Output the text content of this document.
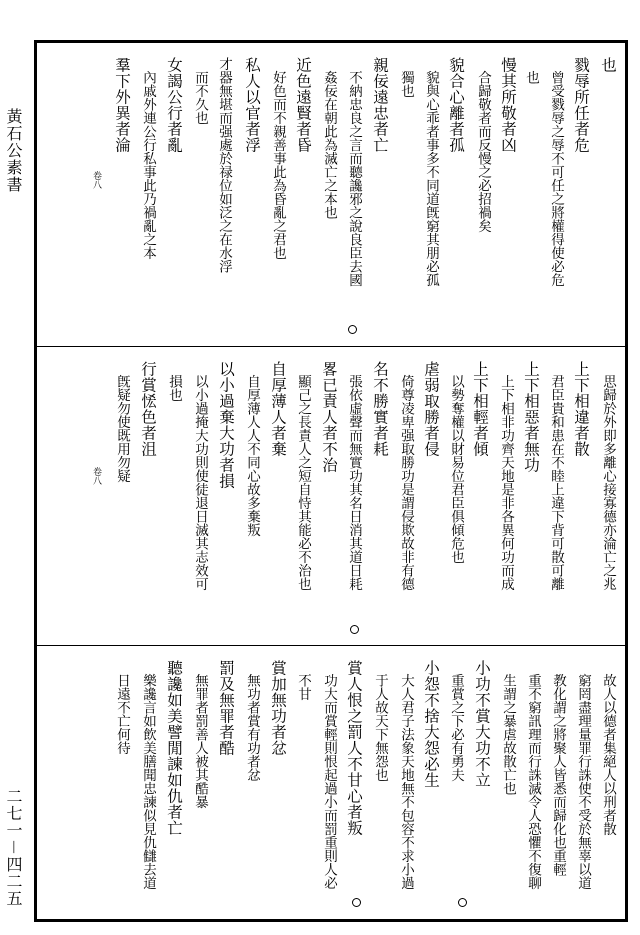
黃石公素書
二七一－四二五
也
戮辱所任者危
　曾受戮辱之辱不可任之將權得使必危
　也
慢其所敬者凶
　合歸敬者而反慢之必招禍矣
貌合心離者孤
　貌與心乖者事多不同道旣窮其朋必孤
　獨也
親佞遠忠者亡
　不納忠良之言而聽讒邪之說良臣去國
　姦佞在朝此為滅亡之本也
近色遠賢者昏
　好色而不親善事此為昏亂之君也
私人以官者浮
才器無堪而强處於禄位如泛之在水浮
　而不久也
女謁公行者亂
　內戚外連公行私事此乃禍亂之本
羣下外異者淪
卷八
　思歸於外即多離心接寡德亦淪亡之兆
上下相違者散
　君臣貴和患在不睦上違下背可散可離
上下相惡者無功
　上下相非功齊天地是非各異何功而成
上下相輕者傾
　以勢奪權以財易位君臣俱傾危也
虐弱取勝者侵
　倚尊凌卑强取勝功是謂侵欺故非有德
名不勝實者耗
　張依虛聲而無實功其名日消其道日耗
畧已責人者不治
　顯己之長責人之短自恃其能必不治也
自厚薄人者棄
　自厚薄人人不同心故多棄叛
以小過棄大功者損
　以小過掩大功則使徒退日滅其志效可
　損也
行賞恡色者沮
　旣疑勿使既用勿疑
卷八
　故人以德者集絕人以刑者散
　窮罔盡理量罪行誅使不受於無辜以道
　教化謂之將聚人皆悉而歸化也重輕
　重不窮訊理而行誅滅令人恐懼不復聊
　生謂之暴虐故散亡也
小功不賞大功不立
　重賞之下必有勇夫
小怨不捨大怨必生
　大人君子法象天地無不包容不求小過
　于人故天下無怨也
賞人恨之罰人不甘心者叛
　功大而賞輕則恨起過小而罰重則人必
　不甘
賞加無功者忿
　無功者賞有功者忿
罰及無罪者酷
　無罪者罰善人被其酷暴
聽讒如美譬閒諫如仇者亡
　樂讒言如飲美膳聞忠諫似見仇讎去道
　日遠不亡何待
